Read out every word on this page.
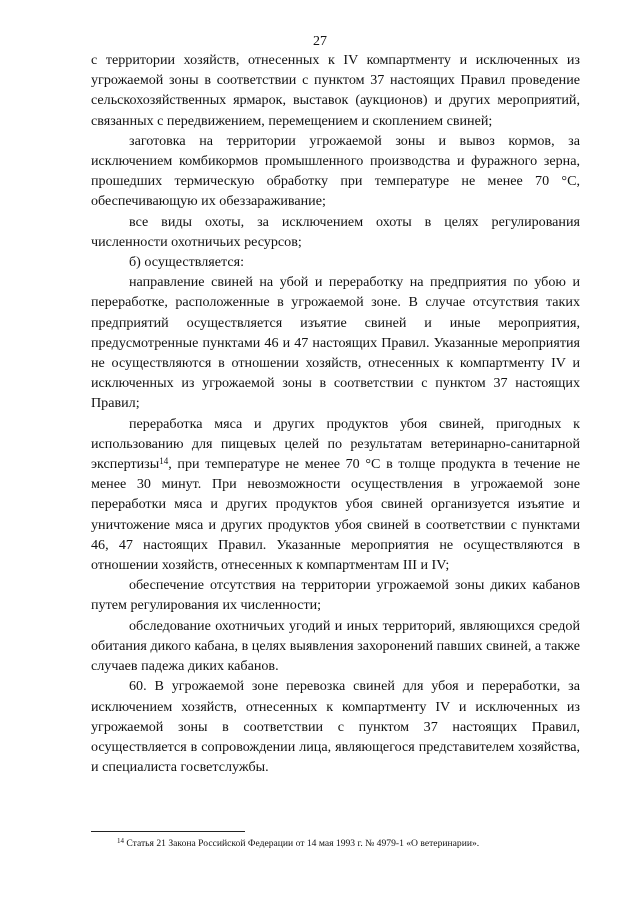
27

с территории хозяйств, отнесенных к IV компартменту и исключенных из угрожаемой зоны в соответствии с пунктом 37 настоящих Правил проведение сельскохозяйственных ярмарок, выставок (аукционов) и других мероприятий, связанных с передвижением, перемещением и скоплением свиней;

заготовка на территории угрожаемой зоны и вывоз кормов, за исключением комбикормов промышленного производства и фуражного зерна, прошедших термическую обработку при температуре не менее 70 °С, обеспечивающую их обеззараживание;

все виды охоты, за исключением охоты в целях регулирования численности охотничьих ресурсов;

б) осуществляется:

направление свиней на убой и переработку на предприятия по убою и переработке, расположенные в угрожаемой зоне. В случае отсутствия таких предприятий осуществляется изъятие свиней и иные мероприятия, предусмотренные пунктами 46 и 47 настоящих Правил. Указанные мероприятия не осуществляются в отношении хозяйств, отнесенных к компартменту IV и исключенных из угрожаемой зоны в соответствии с пунктом 37 настоящих Правил;

переработка мяса и других продуктов убоя свиней, пригодных к использованию для пищевых целей по результатам ветеринарно-санитарной экспертизы$^{14}$, при температуре не менее 70 °С в толще продукта в течение не менее 30 минут. При невозможности осуществления в угрожаемой зоне переработки мяса и других продуктов убоя свиней организуется изъятие и уничтожение мяса и других продуктов убоя свиней в соответствии с пунктами 46, 47 настоящих Правил. Указанные мероприятия не осуществляются в отношении хозяйств, отнесенных к компартментам III и IV;

обеспечение отсутствия на территории угрожаемой зоны диких кабанов путем регулирования их численности;

обследование охотничьих угодий и иных территорий, являющихся средой обитания дикого кабана, в целях выявления захоронений павших свиней, а также случаев падежа диких кабанов.

60. В угрожаемой зоне перевозка свиней для убоя и переработки, за исключением хозяйств, отнесенных к компартменту IV и исключенных из угрожаемой зоны в соответствии с пунктом 37 настоящих Правил, осуществляется в сопровождении лица, являющегося представителем хозяйства, и специалиста госветслужбы.

$^{14}$ Статья 21 Закона Российской Федерации от 14 мая 1993 г. № 4979-1 «О ветеринарии».
